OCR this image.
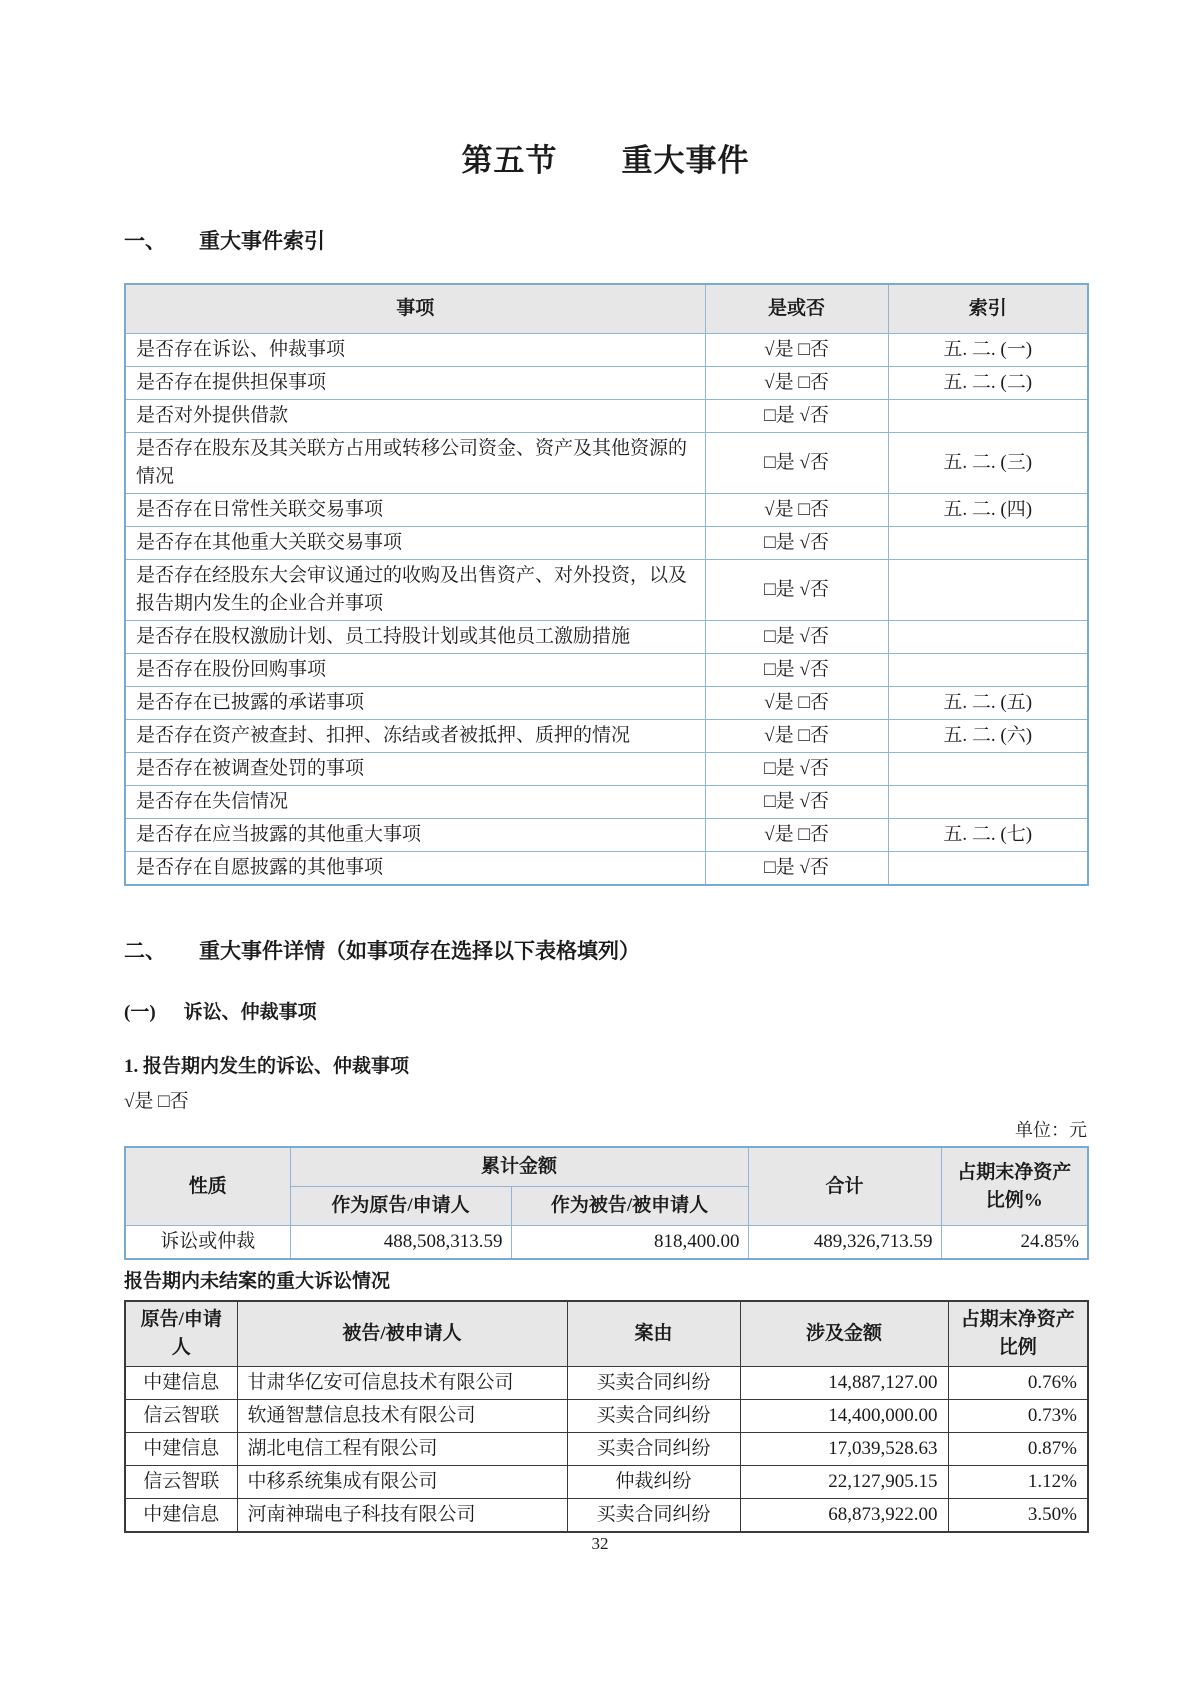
第五节　　重大事件
一、 重大事件索引
事项	是或否	索引
是否存在诉讼、仲裁事项	√是 □否	五. 二. (一)
是否存在提供担保事项	√是 □否	五. 二. (二)
是否对外提供借款	□是 √否	
是否存在股东及其关联方占用或转移公司资金、资产及其他资源的情况	□是 √否	五. 二. (三)
是否存在日常性关联交易事项	√是 □否	五. 二. (四)
是否存在其他重大关联交易事项	□是 √否	
是否存在经股东大会审议通过的收购及出售资产、对外投资，以及报告期内发生的企业合并事项	□是 √否	
是否存在股权激励计划、员工持股计划或其他员工激励措施	□是 √否	
是否存在股份回购事项	□是 √否	
是否存在已披露的承诺事项	√是 □否	五. 二. (五)
是否存在资产被查封、扣押、冻结或者被抵押、质押的情况	√是 □否	五. 二. (六)
是否存在被调查处罚的事项	□是 √否	
是否存在失信情况	□是 √否	
是否存在应当披露的其他重大事项	√是 □否	五. 二. (七)
是否存在自愿披露的其他事项	□是 √否	
二、 重大事件详情（如事项存在选择以下表格填列）
(一) 诉讼、仲裁事项
1. 报告期内发生的诉讼、仲裁事项
√是 □否
单位：元
性质	累计金额		合计	占期末净资产比例%
	作为原告/申请人	作为被告/被申请人		
诉讼或仲裁	488,508,313.59	818,400.00	489,326,713.59	24.85%
报告期内未结案的重大诉讼情况
原告/申请人	被告/被申请人	案由	涉及金额	占期末净资产比例
中建信息	甘肃华亿安可信息技术有限公司	买卖合同纠纷	14,887,127.00	0.76%
信云智联	软通智慧信息技术有限公司	买卖合同纠纷	14,400,000.00	0.73%
中建信息	湖北电信工程有限公司	买卖合同纠纷	17,039,528.63	0.87%
信云智联	中移系统集成有限公司	仲裁纠纷	22,127,905.15	1.12%
中建信息	河南神瑞电子科技有限公司	买卖合同纠纷	68,873,922.00	3.50%
32
